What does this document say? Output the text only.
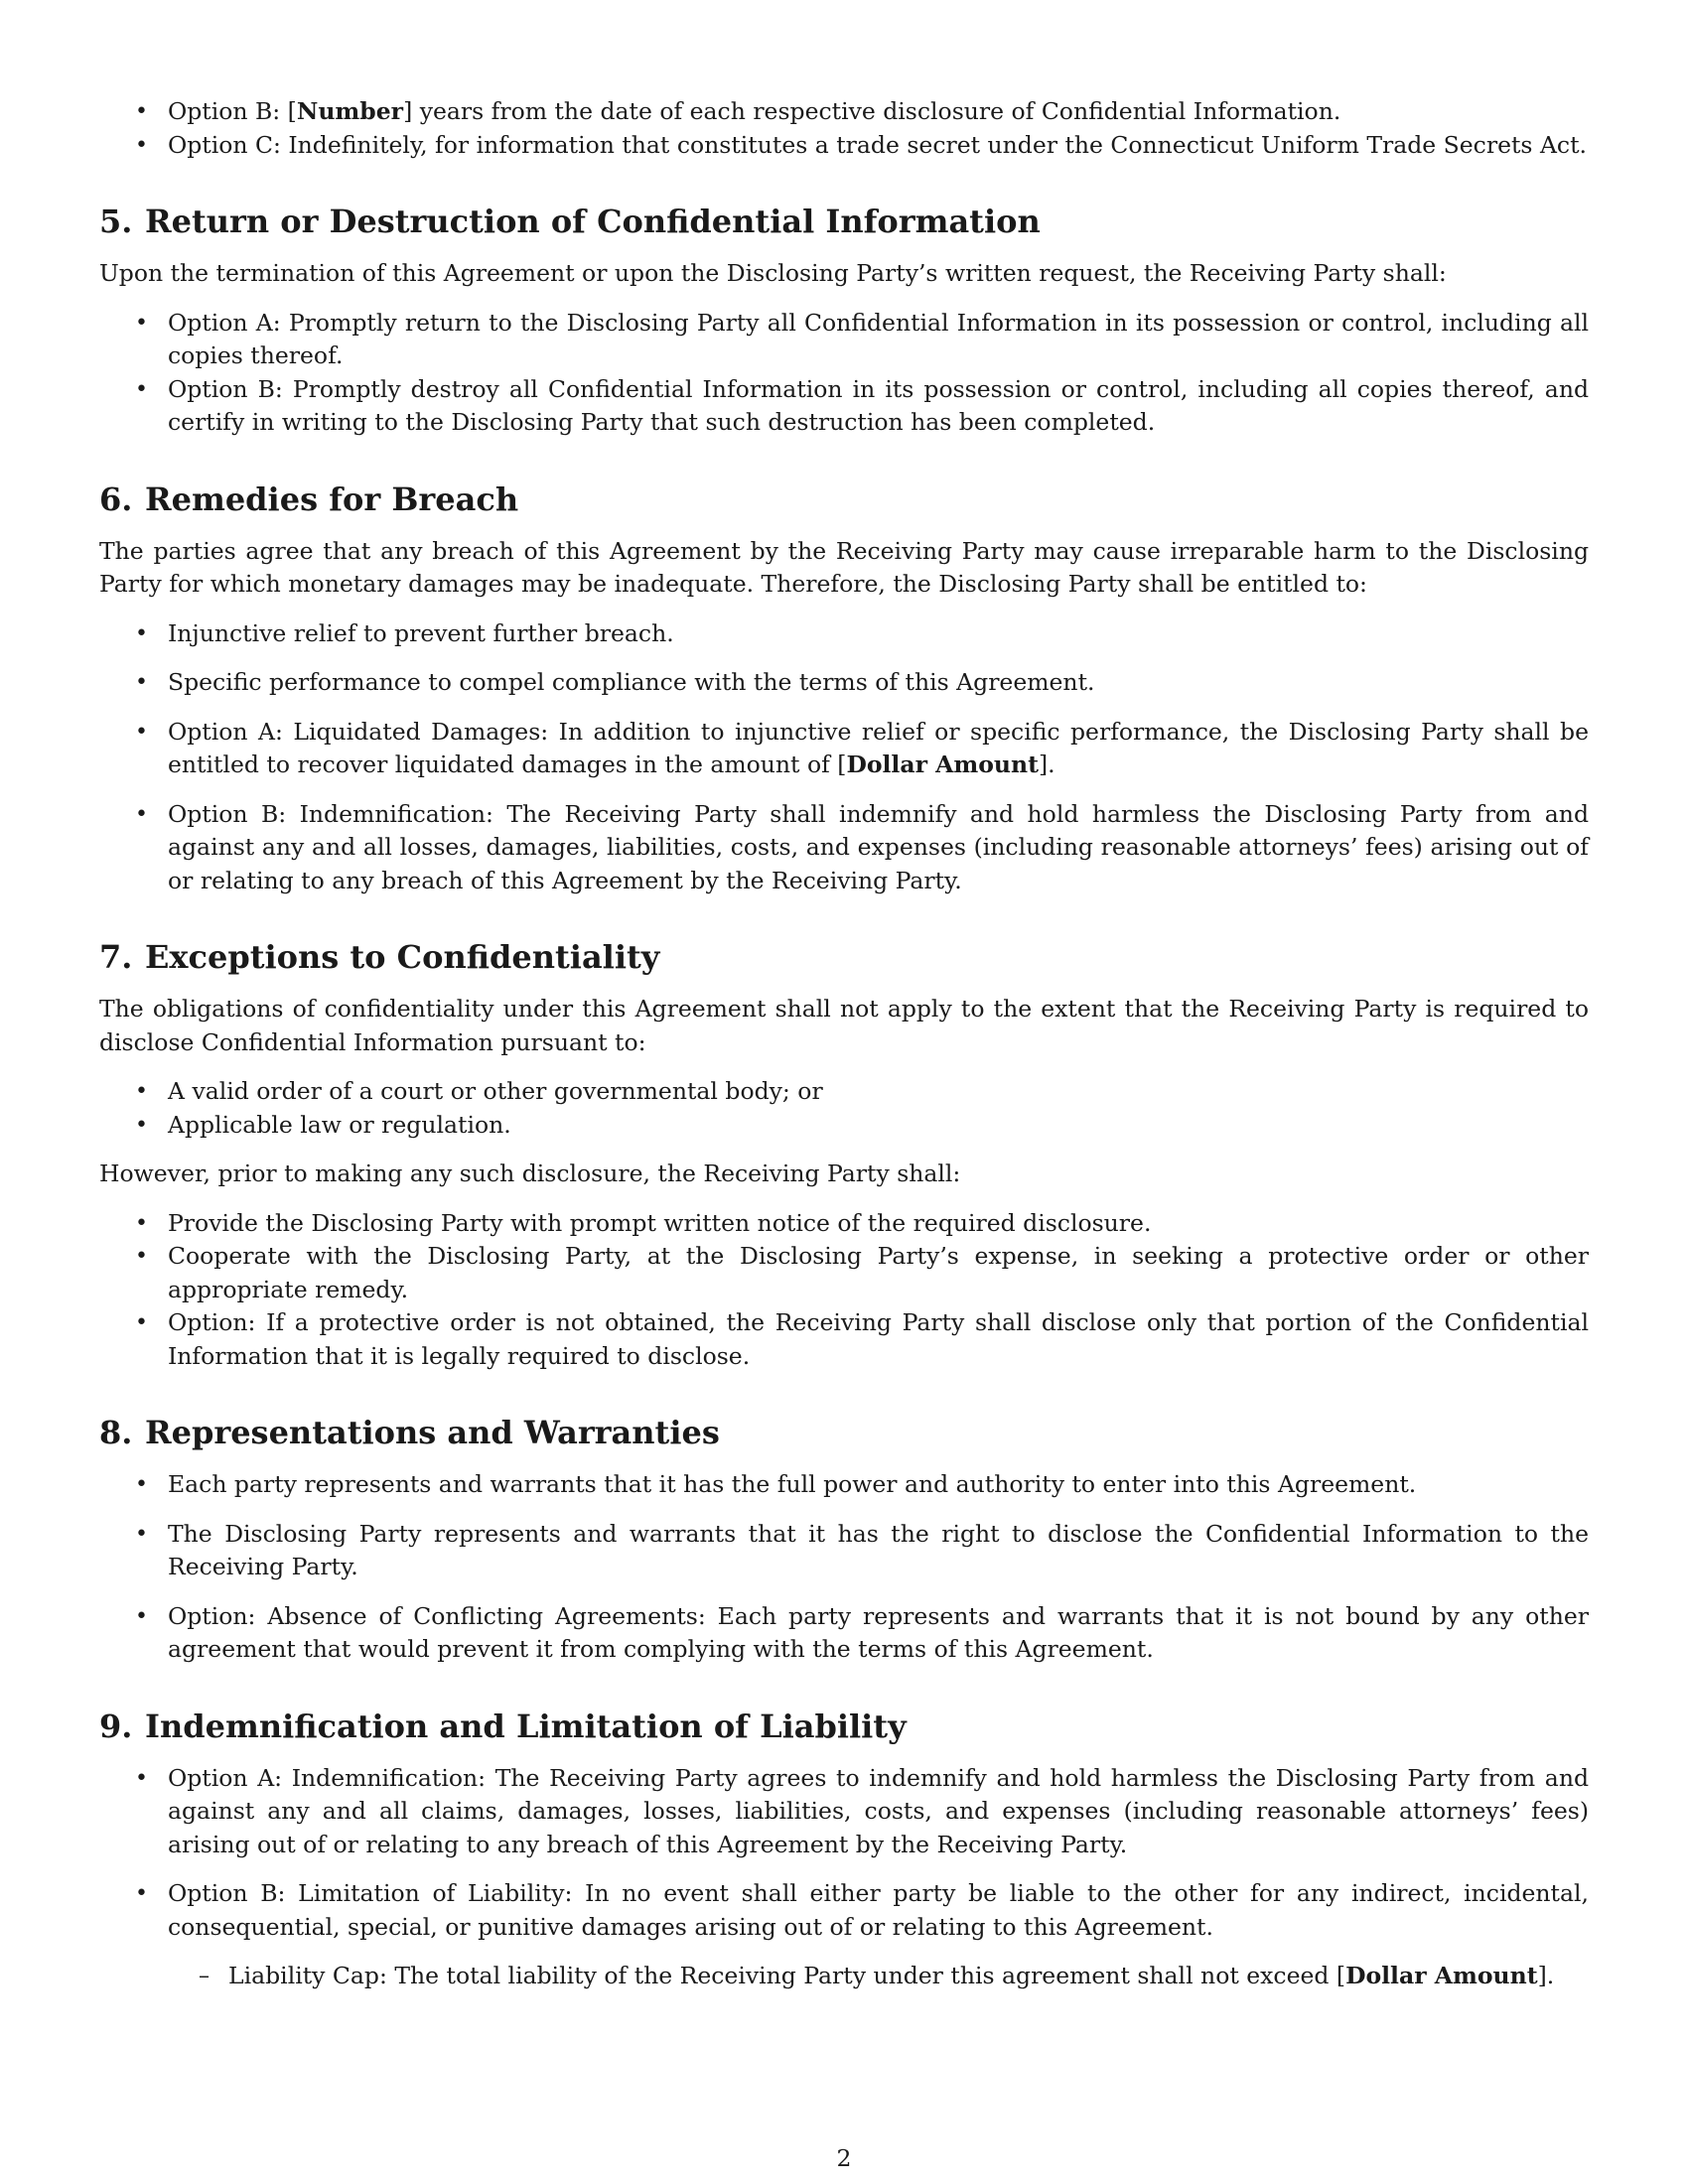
• Option B: [Number] years from the date of each respective disclosure of Confidential Information.
• Option C: Indefinitely, for information that constitutes a trade secret under the Connecticut Uniform Trade Secrets Act.
5. Return or Destruction of Confidential Information

Upon the termination of this Agreement or upon the Disclosing Party’s written request, the Receiving Party shall:

• Option A: Promptly return to the Disclosing Party all Confidential Information in its possession or control, including all copies thereof.
• Option B: Promptly destroy all Confidential Information in its possession or control, including all copies thereof, and certify in writing to the Disclosing Party that such destruction has been completed.
6. Remedies for Breach

The parties agree that any breach of this Agreement by the Receiving Party may cause irreparable harm to the Disclosing Party for which monetary damages may be inadequate. Therefore, the Disclosing Party shall be entitled to:

• Injunctive relief to prevent further breach.
• Specific performance to compel compliance with the terms of this Agreement.
• Option A: Liquidated Damages: In addition to injunctive relief or specific performance, the Disclosing Party shall be entitled to recover liquidated damages in the amount of [Dollar Amount].
• Option B: Indemnification: The Receiving Party shall indemnify and hold harmless the Disclosing Party from and against any and all losses, damages, liabilities, costs, and expenses (including reasonable attorneys’ fees) arising out of or relating to any breach of this Agreement by the Receiving Party.
7. Exceptions to Confidentiality

The obligations of confidentiality under this Agreement shall not apply to the extent that the Receiving Party is required to disclose Confidential Information pursuant to:

• A valid order of a court or other governmental body; or
• Applicable law or regulation.

However, prior to making any such disclosure, the Receiving Party shall:

• Provide the Disclosing Party with prompt written notice of the required disclosure.
• Cooperate with the Disclosing Party, at the Disclosing Party’s expense, in seeking a protective order or other appropriate remedy.
• Option: If a protective order is not obtained, the Receiving Party shall disclose only that portion of the Confidential Information that it is legally required to disclose.
8. Representations and Warranties
• Each party represents and warrants that it has the full power and authority to enter into this Agreement.
• The Disclosing Party represents and warrants that it has the right to disclose the Confidential Information to the Receiving Party.
• Option: Absence of Conflicting Agreements: Each party represents and warrants that it is not bound by any other agreement that would prevent it from complying with the terms of this Agreement.
9. Indemnification and Limitation of Liability
• Option A: Indemnification: The Receiving Party agrees to indemnify and hold harmless the Disclosing Party from and against any and all claims, damages, losses, liabilities, costs, and expenses (including reasonable attorneys’ fees) arising out of or relating to any breach of this Agreement by the Receiving Party.
• Option B: Limitation of Liability: In no event shall either party be liable to the other for any indirect, incidental, consequential, special, or punitive damages arising out of or relating to this Agreement.
– Liability Cap: The total liability of the Receiving Party under this agreement shall not exceed [Dollar Amount].
2
